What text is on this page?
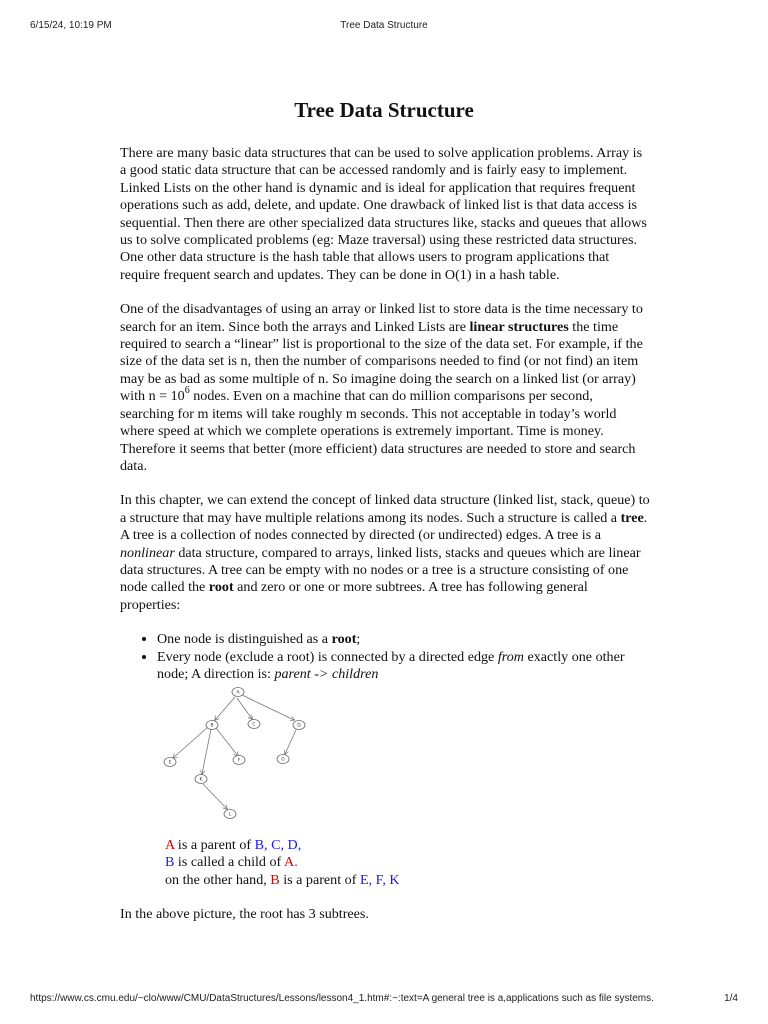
6/15/24, 10:19 PM	Tree Data Structure
Tree Data Structure

There are many basic data structures that can be used to solve application problems. Array is a good static data structure that can be accessed randomly and is fairly easy to implement. Linked Lists on the other hand is dynamic and is ideal for application that requires frequent operations such as add, delete, and update. One drawback of linked list is that data access is sequential. Then there are other specialized data structures like, stacks and queues that allows us to solve complicated problems (eg: Maze traversal) using these restricted data structures. One other data structure is the hash table that allows users to program applications that require frequent search and updates. They can be done in O(1) in a hash table.

One of the disadvantages of using an array or linked list to store data is the time necessary to search for an item. Since both the arrays and Linked Lists are linear structures the time required to search a “linear” list is proportional to the size of the data set. For example, if the size of the data set is n, then the number of comparisons needed to find (or not find) an item may be as bad as some multiple of n. So imagine doing the search on a linked list (or array) with $n = 10^6$ nodes. Even on a machine that can do million comparisons per second, searching for m items will take roughly m seconds. This not acceptable in today’s world where speed at which we complete operations is extremely important. Time is money. Therefore it seems that better (more efficient) data structures are needed to store and search data.

In this chapter, we can extend the concept of linked data structure (linked list, stack, queue) to a structure that may have multiple relations among its nodes. Such a structure is called a tree. A tree is a collection of nodes connected by directed (or undirected) edges. A tree is a nonlinear data structure, compared to arrays, linked lists, stacks and queues which are linear data structures. A tree can be empty with no nodes or a tree is a structure consisting of one node called the root and zero or one or more subtrees. A tree has following general properties:

• One node is distinguished as a root;
• Every node (exclude a root) is connected by a directed edge from exactly one other node; A direction is: parent -> children
A
B	C	D
E	F	G
K
L
A is a parent of B, C, D,
B is called a child of A.
on the other hand, B is a parent of E, F, K

In the above picture, the root has 3 subtrees.

https://www.cs.cmu.edu/~clo/www/CMU/DataStructures/Lessons/lesson4_1.htm#:~:text=A general tree is a,applications such as file systems.	1/4
